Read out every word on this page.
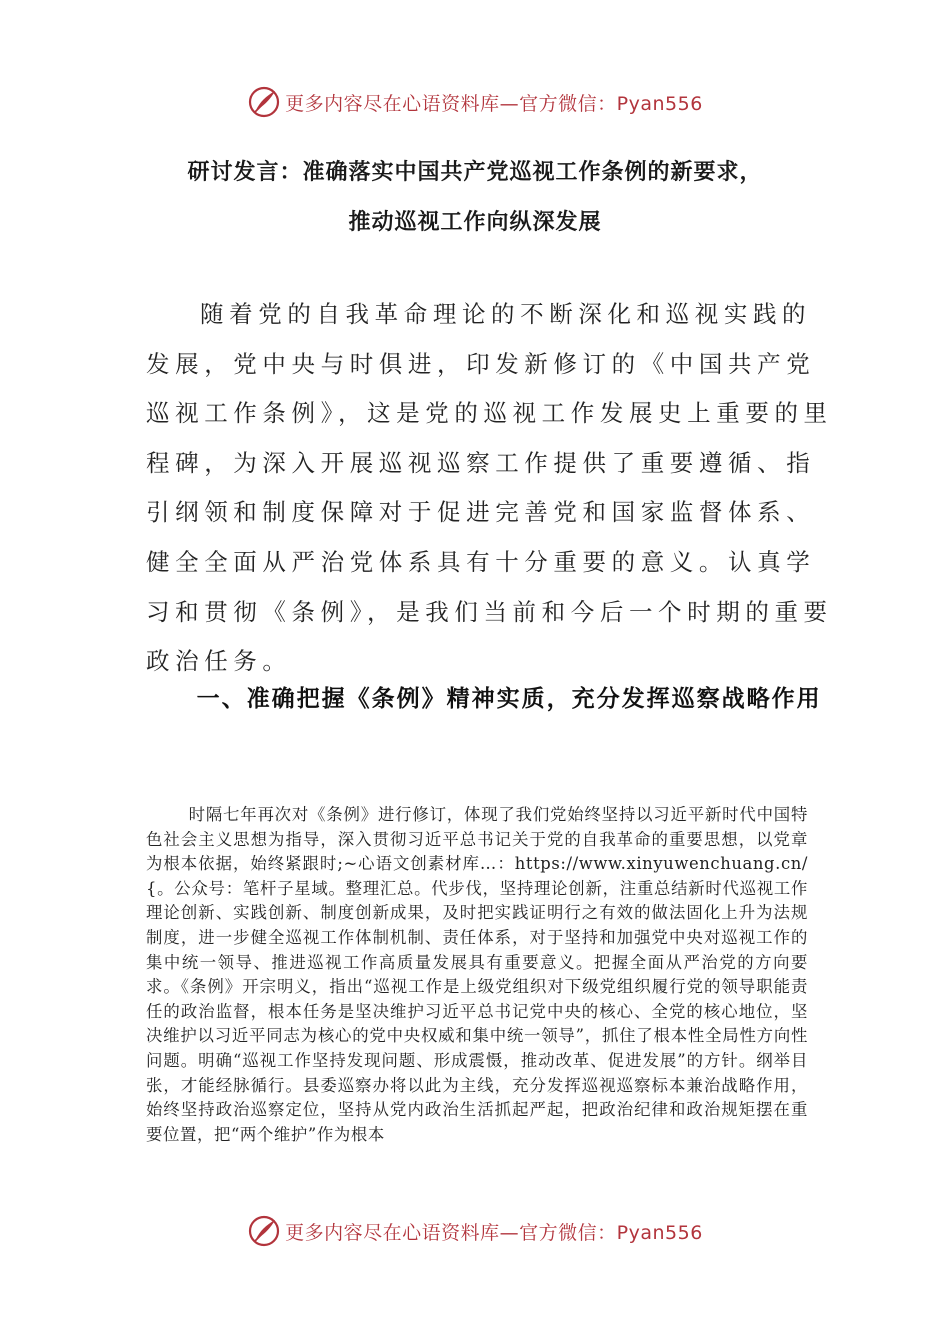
更多内容尽在心语资料库—官方微信：Pyan556
研讨发言：准确落实中国共产党巡视工作条例的新要求，
推动巡视工作向纵深发展

随着党的自我革命理论的不断深化和巡视实践的发展，党中央与时俱进，印发新修订的《中国共产党巡视工作条例》，这是党的巡视工作发展史上重要的里程碑，为深入开展巡视巡察工作提供了重要遵循、指引纲领和制度保障对于促进完善党和国家监督体系、健全全面从严治党体系具有十分重要的意义。认真学习和贯彻《条例》，是我们当前和今后一个时期的重要政治任务。

一、准确把握《条例》精神实质，充分发挥巡察战略作用

时隔七年再次对《条例》进行修订，体现了我们党始终坚持以习近平新时代中国特色社会主义思想为指导，深入贯彻习近平总书记关于党的自我革命的重要思想，以党章为根本依据，始终紧跟时;~心语文创素材库…：https://www.xinyuwenchuang.cn/{。公众号：笔杆子星域。整理汇总。代步伐，坚持理论创新，注重总结新时代巡视工作理论创新、实践创新、制度创新成果，及时把实践证明行之有效的做法固化上升为法规制度，进一步健全巡视工作体制机制、责任体系，对于坚持和加强党中央对巡视工作的集中统一领导、推进巡视工作高质量发展具有重要意义。把握全面从严治党的方向要求。《条例》开宗明义，指出“巡视工作是上级党组织对下级党组织履行党的领导职能责任的政治监督，根本任务是坚决维护习近平总书记党中央的核心、全党的核心地位，坚决维护以习近平同志为核心的党中央权威和集中统一领导”，抓住了根本性全局性方向性问题。明确“巡视工作坚持发现问题、形成震慑，推动改革、促进发展”的方针。纲举目张，才能经脉循行。县委巡察办将以此为主线，充分发挥巡视巡察标本兼治战略作用，始终坚持政治巡察定位，坚持从党内政治生活抓起严起，把政治纪律和政治规矩摆在重要位置，把“两个维护”作为根本

更多内容尽在心语资料库—官方微信：Pyan556
